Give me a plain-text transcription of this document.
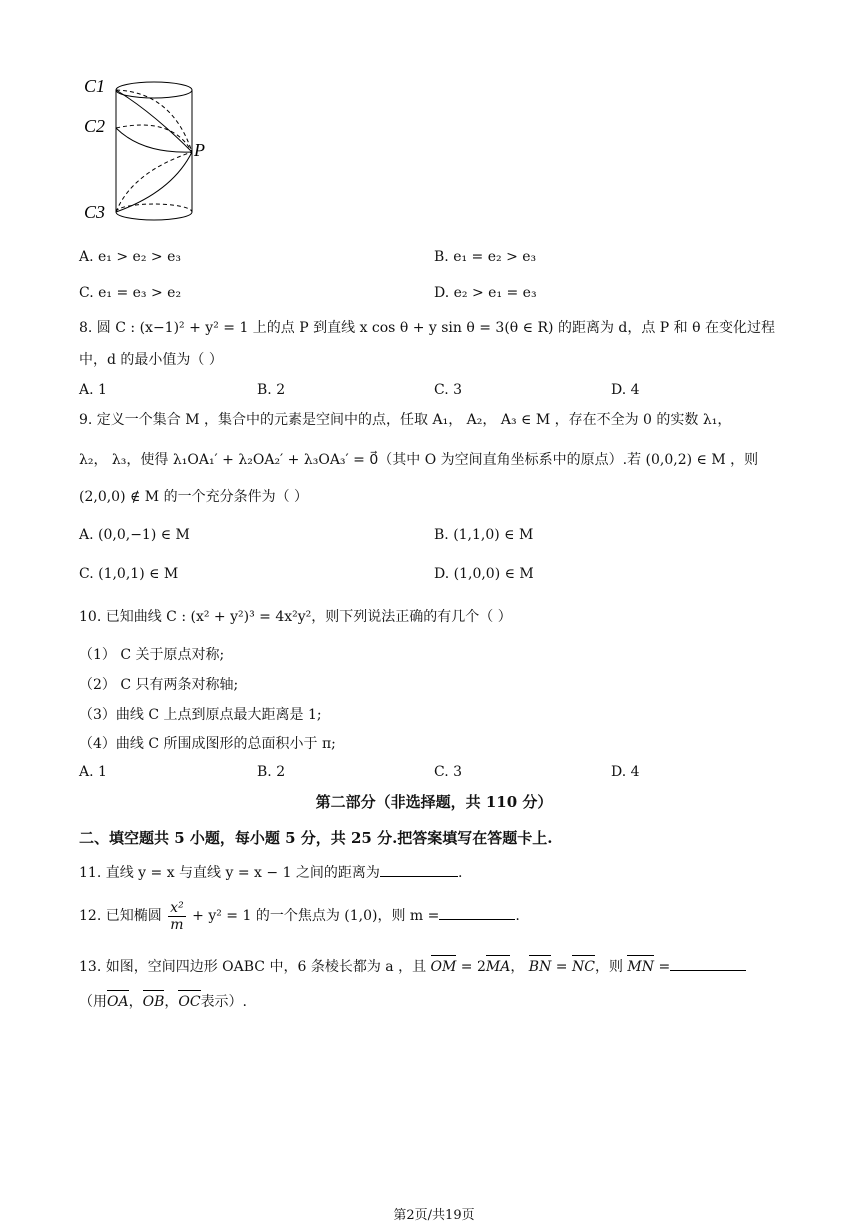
C1
C2
C3
P
A. e₁ > e₂ > e₃	B. e₁ = e₂ > e₃
C. e₁ = e₃ > e₂	D. e₂ > e₁ = e₃
8. 圆 C : (x−1)² + y² = 1 上的点 P 到直线 x cos θ + y sin θ = 3(θ ∈ R) 的距离为 d，点 P 和 θ 在变化过程
中，d 的最小值为（ ）
A. 1	B. 2	C. 3	D. 4
9. 定义一个集合 M ，集合中的元素是空间中的点，任取 A₁， A₂， A₃ ∈ M ，存在不全为 0 的实数 λ₁，
λ₂， λ₃，使得 λ₁OA₁′ + λ₂OA₂′ + λ₃OA₃′ = 0⃗（其中 O 为空间直角坐标系中的原点）.若 (0,0,2) ∈ M ，则
(2,0,0) ∉ M 的一个充分条件为（ ）
A. (0,0,−1) ∈ M	B. (1,1,0) ∈ M
C. (1,0,1) ∈ M	D. (1,0,0) ∈ M
10. 已知曲线 C : (x² + y²)³ = 4x²y²，则下列说法正确的有几个（ ）
（1） C 关于原点对称;
（2） C 只有两条对称轴;
（3）曲线 C 上点到原点最大距离是 1;
（4）曲线 C 所围成图形的总面积小于 π;
A. 1	B. 2	C. 3	D. 4
第二部分（非选择题，共 110 分）
二、填空题共 5 小题，每小题 5 分，共 25 分.把答案填写在答题卡上.
11. 直线 y = x 与直线 y = x − 1 之间的距离为	.
12. 已知椭圆 $\frac{\text{x²}}{m} + y^2 = 1$ 的一个焦点为 (1,0)，则 m =	.
13. 如图，空间四边形 OABC 中，6 条棱长都为 a ，且 OM = 2MA， BN = NC，则 MN =
（用OA，OB，OC表示）.
第2页/共19页
